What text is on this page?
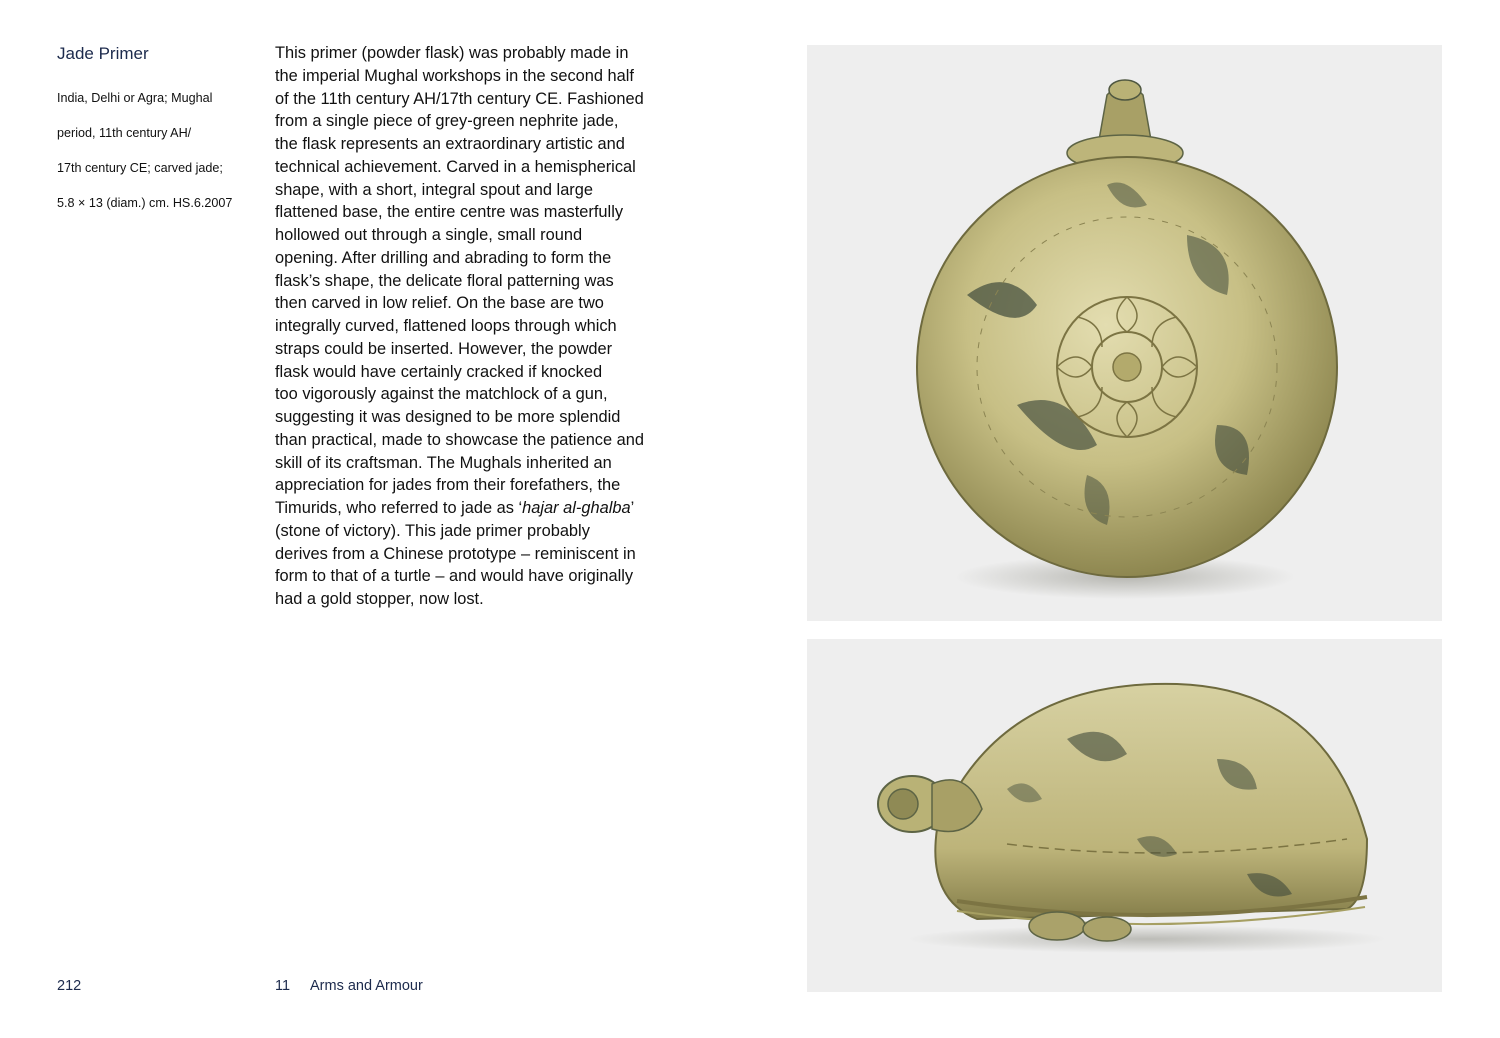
Jade Primer

India, Delhi or Agra; Mughal

period, 11th century AH/

17th century CE; carved jade;

5.8 × 13 (diam.) cm. HS.6.2007

This primer (powder flask) was probably made in
the imperial Mughal workshops in the second half
of the 11th century AH/17th century CE. Fashioned
from a single piece of grey-green nephrite jade,
the flask represents an extraordinary artistic and
technical achievement. Carved in a hemispherical
shape, with a short, integral spout and large
flattened base, the entire centre was masterfully
hollowed out through a single, small round
opening. After drilling and abrading to form the
flask’s shape, the delicate floral patterning was
then carved in low relief. On the base are two
integrally curved, flattened loops through which
straps could be inserted. However, the powder
flask would have certainly cracked if knocked
too vigorously against the matchlock of a gun,
suggesting it was designed to be more splendid
than practical, made to showcase the patience and
skill of its craftsman. The Mughals inherited an
appreciation for jades from their forefathers, the
Timurids, who referred to jade as ‘hajar al-ghalba’
(stone of victory). This jade primer probably
derives from a Chinese prototype – reminiscent in
form to that of a turtle – and would have originally
had a gold stopper, now lost.
212	11 Arms and Armour
